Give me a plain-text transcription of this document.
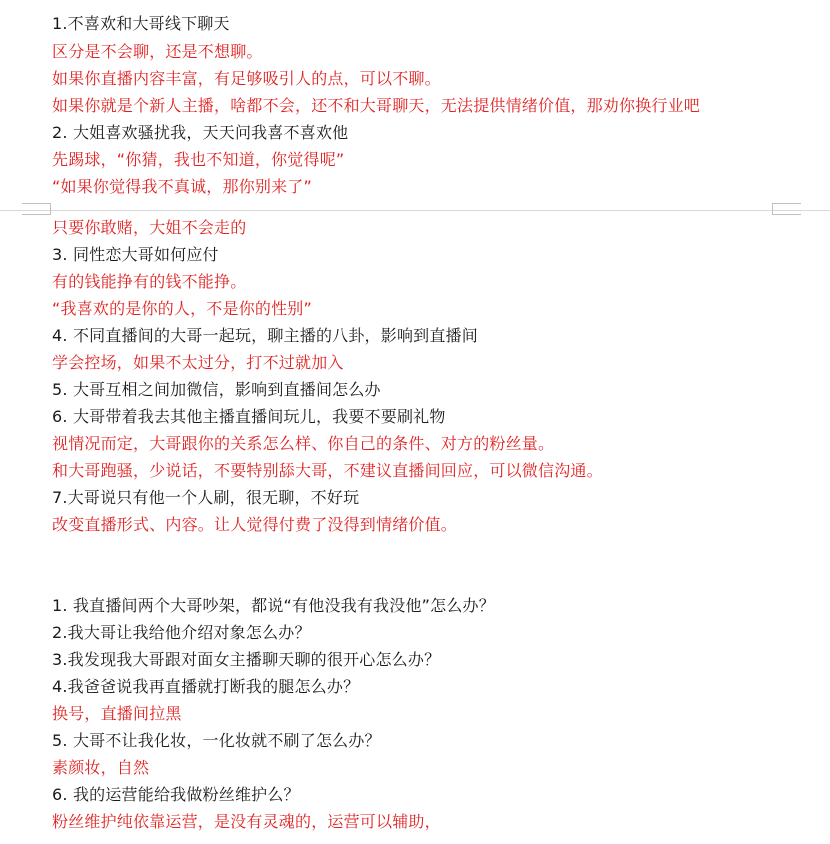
1.不喜欢和大哥线下聊天
区分是不会聊，还是不想聊。
如果你直播内容丰富，有足够吸引人的点，可以不聊。
如果你就是个新人主播，啥都不会，还不和大哥聊天，无法提供情绪价值，那劝你换行业吧
2. 大姐喜欢骚扰我，天天问我喜不喜欢他
先踢球，“你猜，我也不知道，你觉得呢”
“如果你觉得我不真诚，那你别来了”
只要你敢赌，大姐不会走的
3. 同性恋大哥如何应付
有的钱能挣有的钱不能挣。
“我喜欢的是你的人，不是你的性别”
4. 不同直播间的大哥一起玩，聊主播的八卦，影响到直播间
学会控场，如果不太过分，打不过就加入
5. 大哥互相之间加微信，影响到直播间怎么办
6. 大哥带着我去其他主播直播间玩儿，我要不要刷礼物
视情况而定，大哥跟你的关系怎么样、你自己的条件、对方的粉丝量。
和大哥跑骚，少说话，不要特别舔大哥，不建议直播间回应，可以微信沟通。
7.大哥说只有他一个人刷，很无聊，不好玩
改变直播形式、内容。让人觉得付费了没得到情绪价值。
1. 我直播间两个大哥吵架，都说“有他没我有我没他”怎么办？
2.我大哥让我给他介绍对象怎么办？
3.我发现我大哥跟对面女主播聊天聊的很开心怎么办？
4.我爸爸说我再直播就打断我的腿怎么办？
换号，直播间拉黑
5. 大哥不让我化妆，一化妆就不刷了怎么办？
素颜妆，自然
6. 我的运营能给我做粉丝维护么？
粉丝维护纯依靠运营，是没有灵魂的，运营可以辅助，
